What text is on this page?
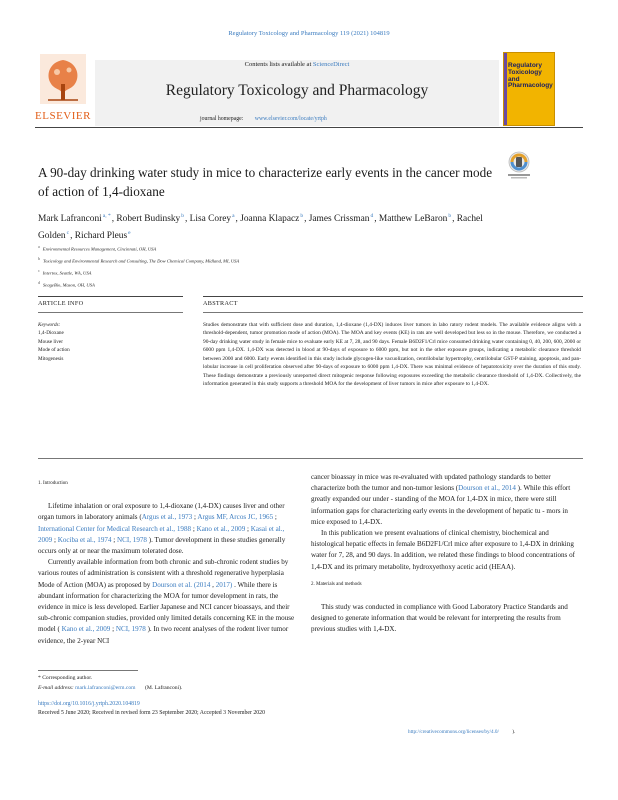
Regulatory Toxicology and Pharmacology 119 (2021) 104819
ELSEVIER
Contents lists available at ScienceDirect
Regulatory Toxicology and Pharmacology
journal homepage: www.elsevier.com/locate/yrtph
Regulatory Toxicology and Pharmacology
A 90-day drinking water study in mice to characterize early events in the cancer mode of action of 1,4-dioxane
Mark Lafranconi$^{a, *}$, Robert Budinsky$^b$, Lisa Corey$^a$, Joanna Klapacz$^b$, James Crissman$^d$, Matthew LeBaron$^b$, Rachel Golden$^c$, Richard Pleus$^e$
aEnvironmental Resources Management, Cincinnati, OH, USA
bToxicology and Environmental Research and Consulting, The Dow Chemical Company, Midland, MI, USA
cIntertox, Seattle, WA, USA
dSeageBio, Mason, OH, USA
ARTICLE INFO	ABSTRACT
Keywords:
1,4-Dioxane
Mouse liver
Mode of action
Mitogenesis
Studies demonstrate that with sufficient dose and duration, 1,4-dioxane (1,4-DX) induces liver tumors in labo ratory rodent models. The available evidence aligns with a threshold-dependent, tumor promotion mode of action (MOA). The MOA and key events (KE) in rats are well developed but less so in the mouse. Therefore, we conducted a 90-day drinking water study in female mice to evaluate early KE at 7, 28, and 90 days. Female B6D2F1/Crl mice consumed drinking water containing 0, 40, 200, 600, 2000 or 6000 ppm 1,4-DX. 1,4-DX was detected in blood at 90-days of exposure to 6000 ppm, but not in the other exposure groups, indicating a metabolic clearance threshold between 2000 and 6000. Early events identified in this study include glycogen-like vacuolization, centrilobular hypertrophy, centrilobular GST-P staining, apoptosis, and pan-lobular increase in cell proliferation observed after 90-days of exposure to 6000 ppm 1,4-DX. There was minimal evidence of hepatotoxicity over the duration of this study. These findings demonstrate a previously unreported direct mitogenic response following exposures exceeding the metabolic clearance threshold of 1,4-DX. Collectively, the information generated in this study supports a threshold MOA for the development of liver tumors in mice after exposure to 1,4-DX.
1. Introduction

Lifetime inhalation or oral exposure to 1,4-dioxane (1,4-DX) causes liver and other organ tumors in laboratory animals (Argus et al., 1973 ; Argus MF, Arcos JC, 1965 ; International Center for Medical Research et al., 1988 ; Kano et al., 2009 ; Kasai et al., 2009 ; Kociba et al., 1974 ; NCI, 1978 ). Tumor development in these studies generally occurs only at or near the maximum tolerated dose.

Currently available information from both chronic and sub-chronic rodent studies by various routes of administration is consistent with a threshold regenerative hyperplasia Mode of Action (MOA) as proposed by Dourson et al. (2014 , 2017) . While there is abundant information for characterizing the MOA for tumor development in rats, the evidence in mice is less developed. Earlier Japanese and NCI cancer bioassays, and their sub-chronic companion studies, provided only limited details concerning KE in the mouse model ( Kano et al., 2009 ; NCI, 1978 ). In two recent analyses of the rodent liver tumor evidence, the 2-year NCI

cancer bioassay in mice was re-evaluated with updated pathology standards to better characterize both the tumor and non-tumor lesions (Dourson et al., 2014 ). While this effort greatly expanded our under - standing of the MOA for 1,4-DX in mice, there were still information gaps for characterizing early events in the development of hepatic tu - mors in mice exposed to 1,4-DX.

In this publication we present evaluations of clinical chemistry, biochemical and histological hepatic effects in female B6D2F1/Crl mice after exposure to 1,4-DX in drinking water for 7, 28, and 90 days. In addition, we related these findings to blood concentrations of 1,4-DX and its primary metabolite, hydroxyethoxy acetic acid (HEAA).

2. Materials and methods

This study was conducted in compliance with Good Laboratory Practice Standards and designed to generate information that would be relevant for interpreting the results from previous studies with 1,4-DX.

* Corresponding author.
E-mail address: mark.lafranconi@erm.com (M. Lafranconi).
https://doi.org/10.1016/j.yrtph.2020.104819
Received 5 June 2020; Received in revised form 23 September 2020; Accepted 3 November 2020
http://creativecommons.org/licenses/by/4.0/	).
